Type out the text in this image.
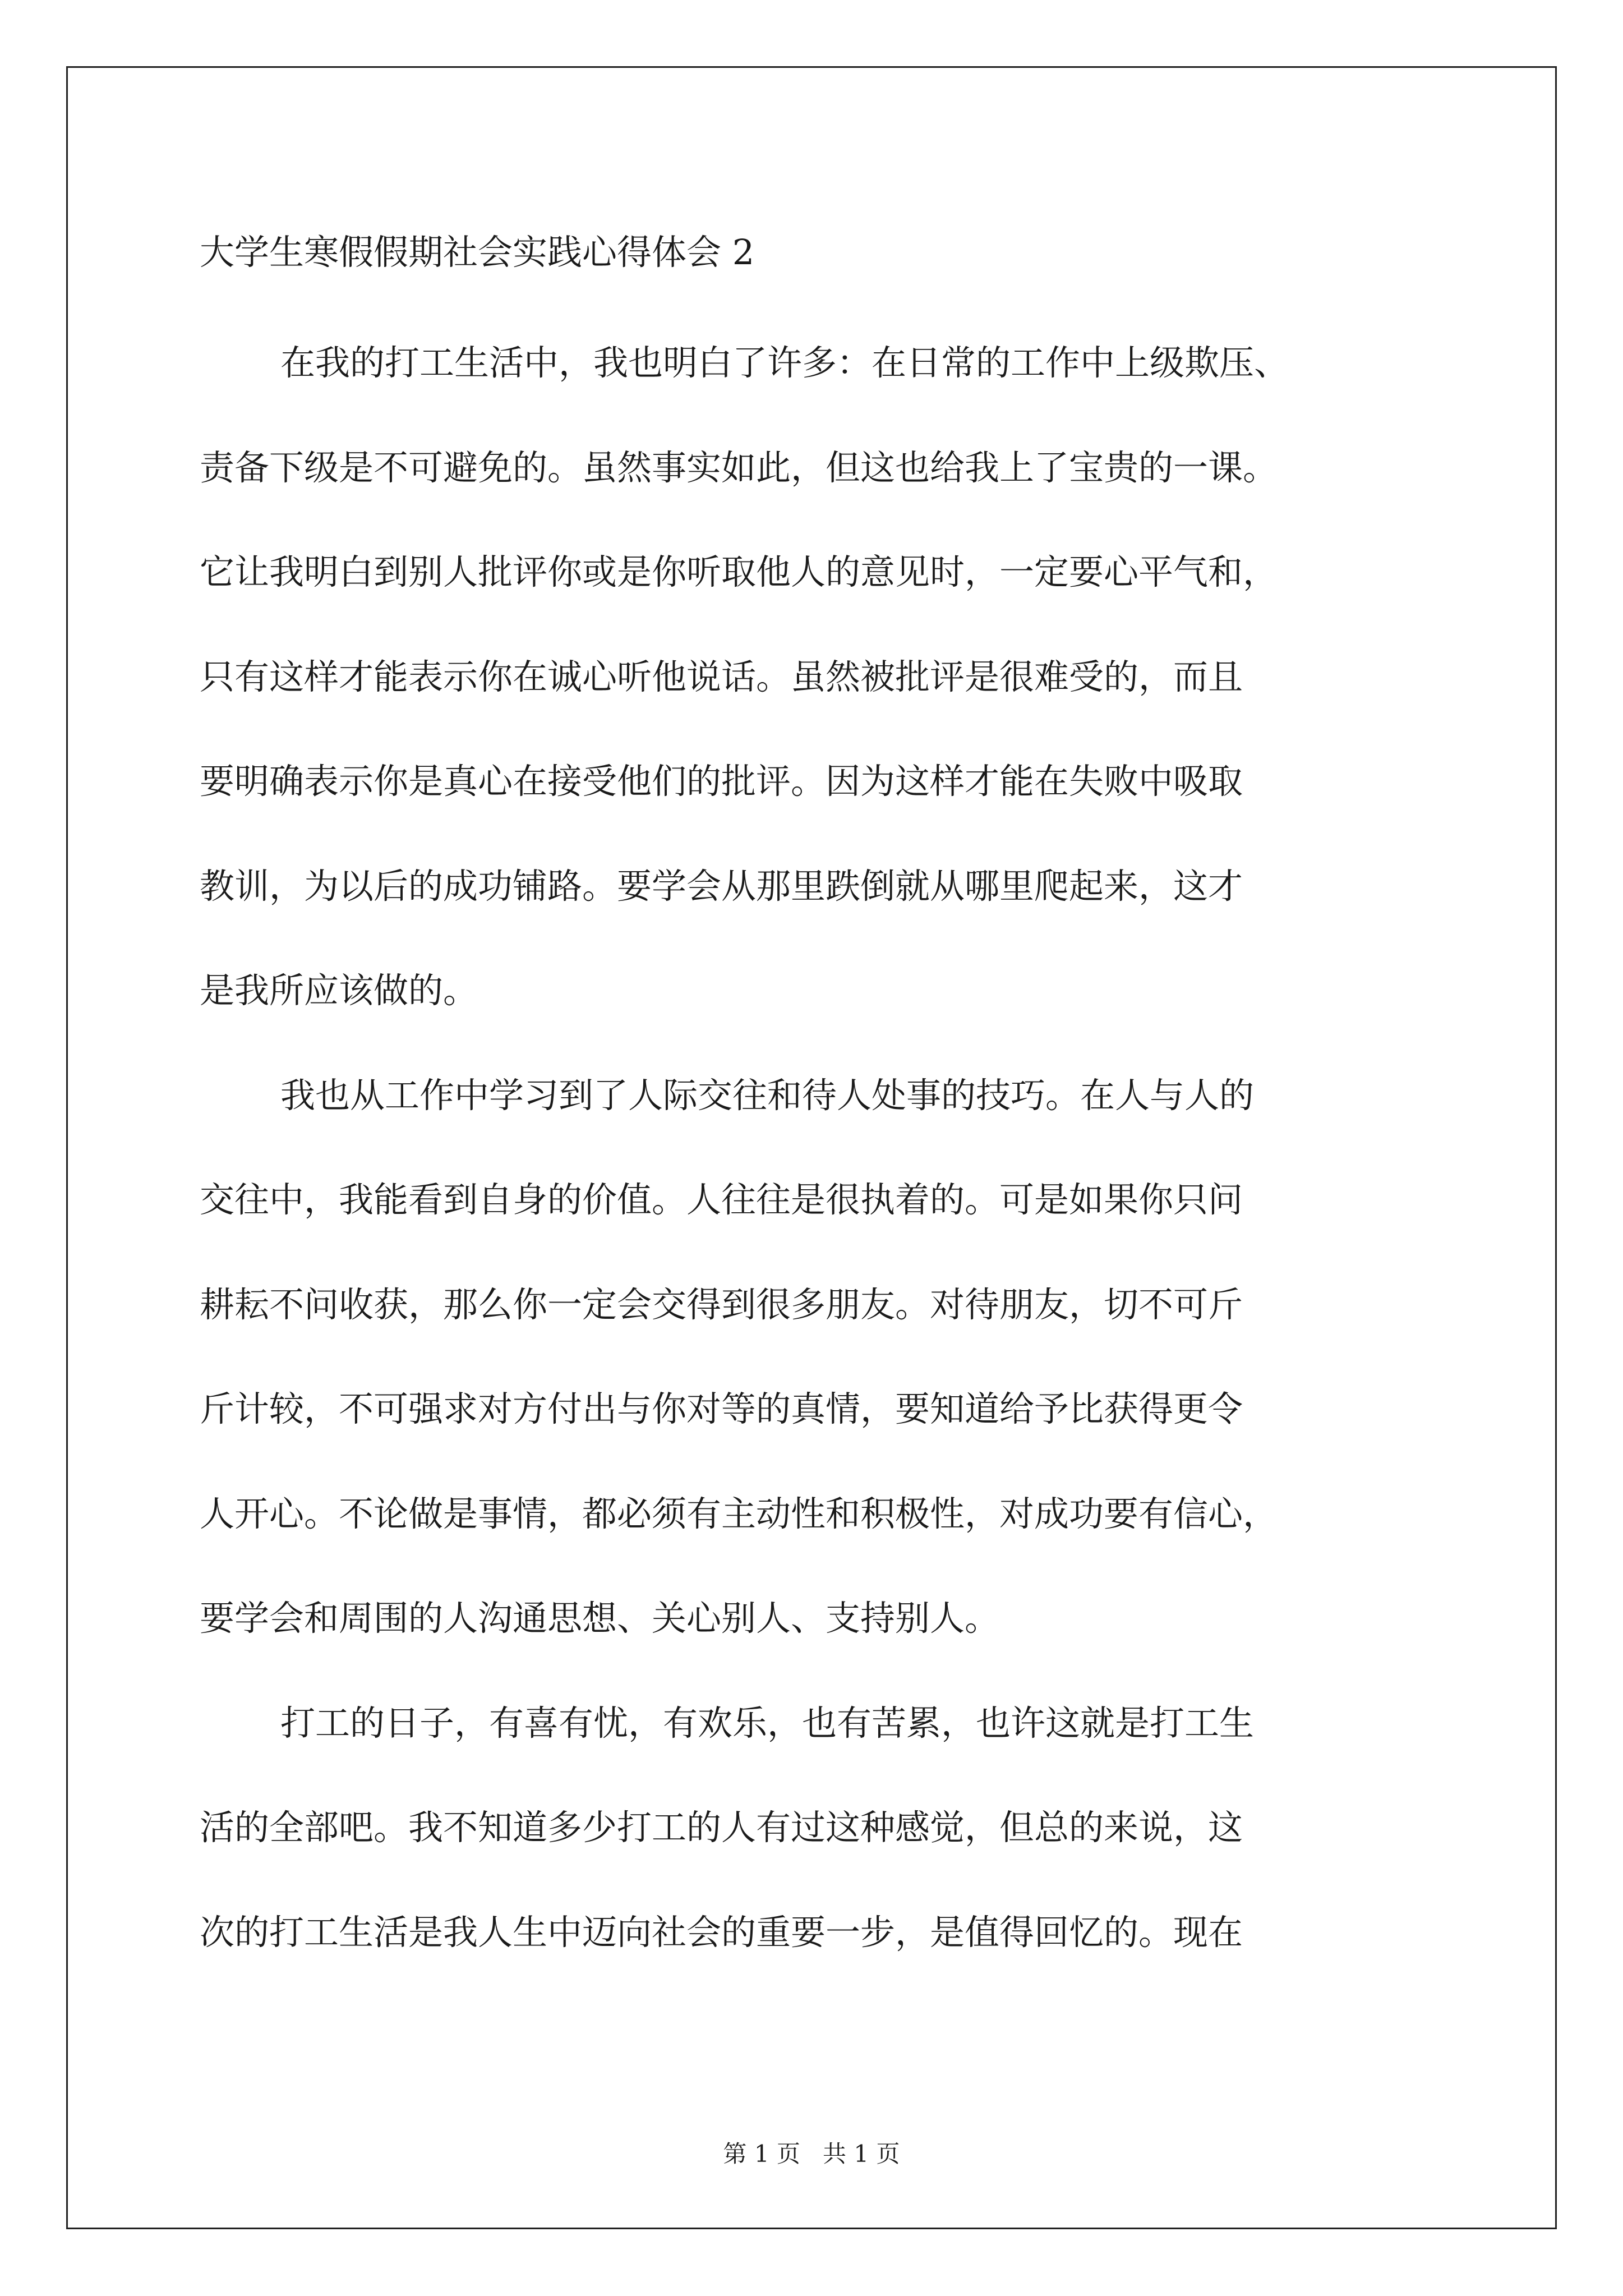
大学生寒假假期社会实践心得体会 2

在我的打工生活中，我也明白了许多：在日常的工作中上级欺压、

责备下级是不可避免的。虽然事实如此，但这也给我上了宝贵的一课。

它让我明白到别人批评你或是你听取他人的意见时，一定要心平气和，

只有这样才能表示你在诚心听他说话。虽然被批评是很难受的，而且

要明确表示你是真心在接受他们的批评。因为这样才能在失败中吸取

教训，为以后的成功铺路。要学会从那里跌倒就从哪里爬起来，这才

是我所应该做的。

我也从工作中学习到了人际交往和待人处事的技巧。在人与人的

交往中，我能看到自身的价值。人往往是很执着的。可是如果你只问

耕耘不问收获，那么你一定会交得到很多朋友。对待朋友，切不可斤

斤计较，不可强求对方付出与你对等的真情，要知道给予比获得更令

人开心。不论做是事情，都必须有主动性和积极性，对成功要有信心，

要学会和周围的人沟通思想、关心别人、支持别人。

打工的日子，有喜有忧，有欢乐，也有苦累，也许这就是打工生

活的全部吧。我不知道多少打工的人有过这种感觉，但总的来说，这

次的打工生活是我人生中迈向社会的重要一步，是值得回忆的。现在

第 1 页   共 1 页
